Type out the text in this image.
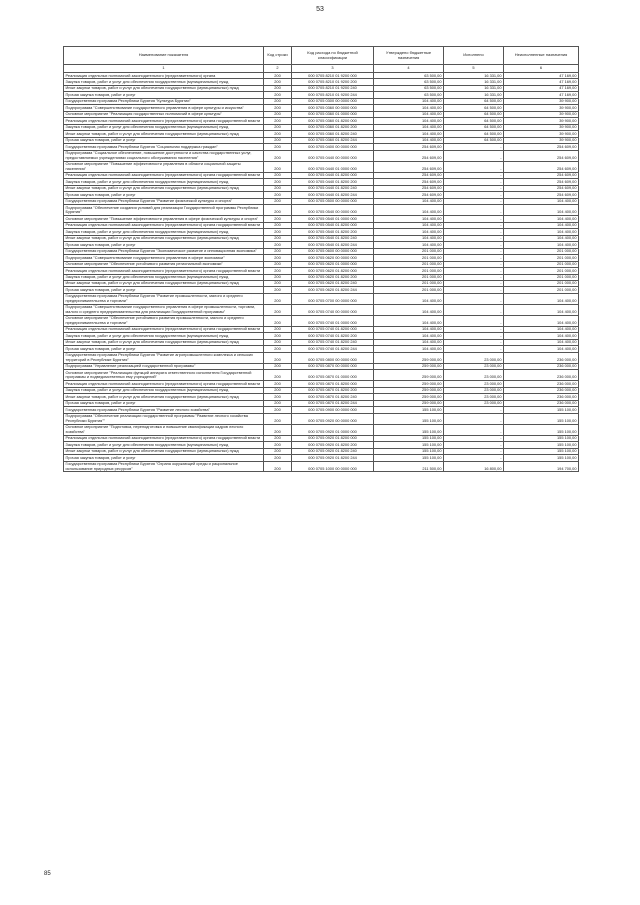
53
Наименование показателя	Код строки	Код расхода по бюджетной классификации	Утверждено бюджетные назначения	Исполнено	Неисполненные назначения
1	2	3	4	5	6
Реализация отдельных полномочий законодательного (представительного) органа	200	000 0705 8210 01 9200 000	63 500,00	16 331,00	47 169,00
Закупка товаров, работ и услуг для обеспечения государственных (муниципальных) нужд	200	000 0705 8210 01 9200 200	63 500,00	16 331,00	47 169,00
Иные закупки товаров, работ и услуг для обеспечения государственных (муниципальных) нужд	200	000 0705 8210 01 9200 240	63 500,00	16 331,00	47 169,00
Прочая закупка товаров, работ и услуг	200	000 0705 8210 01 9200 244	63 500,00	16 331,00	47 169,00
Государственная программа Республики Бурятия "Культура Бурятии"	200	000 0705 0300 00 0000 000	104 400,00	64 500,00	39 900,00
Подпрограмма "Совершенствование государственного управления в сфере культуры и искусства"	200	000 0705 0360 00 0000 000	104 400,00	64 500,00	39 900,00
Основное мероприятие "Реализация государственных полномочий в сфере культуры"	200	000 0705 0360 01 0000 000	104 400,00	64 500,00	39 900,00
Реализация отдельных полномочий законодательного (представительного) органа государственной власти	200	000 0705 0360 01 8200 000	104 400,00	64 500,00	39 900,00
Закупка товаров, работ и услуг для обеспечения государственных (муниципальных) нужд	200	000 0705 0360 01 8200 200	104 400,00	64 500,00	39 900,00
Иные закупки товаров, работ и услуг для обеспечения государственных (муниципальных) нужд	200	000 0705 0360 01 8200 240	104 400,00	64 500,00	39 900,00
Прочая закупка товаров, работ и услуг	200	000 0705 0360 01 8200 244	104 400,00	64 500,00	39 900,00
Государственная программа Республики Бурятия "Социальная поддержка граждан"	200	000 0705 0400 00 0000 000	254 609,00	-	254 609,00
Подпрограмма "Социальное обеспечение, повышение доступности и качества государственных услуг, предоставляемых учреждениями социального обслуживания населения"	200	000 0705 0440 00 0000 000	254 609,00	-	254 609,00
Основное мероприятие "Повышение эффективности управления в области социальной защиты населения"	200	000 0705 0440 01 0000 000	254 609,00	-	254 609,00
Реализация отдельных полномочий законодательного (представительного) органа государственной власти	200	000 0705 0440 01 8200 000	254 609,00	-	254 609,00
Закупка товаров, работ и услуг для обеспечения государственных (муниципальных) нужд	200	000 0705 0440 01 8200 200	254 609,00	-	254 609,00
Иные закупки товаров, работ и услуг для обеспечения государственных (муниципальных) нужд	200	000 0705 0440 01 8200 240	254 609,00	-	254 609,00
Прочая закупка товаров, работ и услуг	200	000 0705 0440 01 8200 244	254 609,00	-	254 609,00
Государственная программа Республики Бурятия "Развитие физической культуры и спорта"	200	000 0705 0500 00 0000 000	104 400,00	-	104 400,00
Подпрограмма "Обеспечение создания условий для реализации Государственной программы Республики Бурятия"	200	000 0705 0540 00 0000 000	104 400,00	-	104 400,00
Основное мероприятие "Повышение эффективности управления в сфере физической культуры и спорта"	200	000 0705 0540 01 0000 000	104 400,00	-	104 400,00
Реализация отдельных полномочий законодательного (представительного) органа государственной власти	200	000 0705 0540 01 8200 000	104 400,00	-	104 400,00
Закупка товаров, работ и услуг для обеспечения государственных (муниципальных) нужд	200	000 0705 0540 01 8200 200	104 400,00	-	104 400,00
Иные закупки товаров, работ и услуг для обеспечения государственных (муниципальных) нужд	200	000 0705 0540 01 8200 240	104 400,00	-	104 400,00
Прочая закупка товаров, работ и услуг	200	000 0705 0540 01 8200 244	104 400,00	-	104 400,00
Государственная программа Республики Бурятия "Экономическое развитие и инновационная экономика"	200	000 0705 0600 00 0000 000	201 000,00	-	201 000,00
Подпрограмма "Совершенствование государственного управления в сфере экономики"	200	000 0705 0620 00 0000 000	201 000,00	-	201 000,00
Основное мероприятие "Обеспечение устойчивого развития региональной экономики"	200	000 0705 0620 01 0000 000	201 000,00	-	201 000,00
Реализация отдельных полномочий законодательного (представительного) органа государственной власти	200	000 0705 0620 01 8200 000	201 000,00	-	201 000,00
Закупка товаров, работ и услуг для обеспечения государственных (муниципальных) нужд	200	000 0705 0620 01 8200 200	201 000,00	-	201 000,00
Иные закупки товаров, работ и услуг для обеспечения государственных (муниципальных) нужд	200	000 0705 0620 01 8200 240	201 000,00	-	201 000,00
Прочая закупка товаров, работ и услуг	200	000 0705 0620 01 8200 244	201 000,00	-	201 000,00
Государственная программа Республики Бурятия "Развитие промышленности, малого и среднего предпринимательства и торговли"	200	000 0705 0700 00 0000 000	104 400,00	-	104 400,00
Подпрограмма "Совершенствование государственного управления в сфере промышленности, торговли, малого и среднего предпринимательства для реализации Государственной программы"	200	000 0705 0740 00 0000 000	104 400,00	-	104 400,00
Основное мероприятие "Обеспечение устойчивого развития промышленности, малого и среднего предпринимательства и торговли"	200	000 0705 0740 01 0000 000	104 400,00	-	104 400,00
Реализация отдельных полномочий законодательного (представительного) органа государственной власти	200	000 0705 0740 01 8200 000	104 400,00	-	104 400,00
Закупка товаров, работ и услуг для обеспечения государственных (муниципальных) нужд	200	000 0705 0740 01 8200 200	104 400,00	-	104 400,00
Иные закупки товаров, работ и услуг для обеспечения государственных (муниципальных) нужд	200	000 0705 0740 01 8200 240	104 400,00	-	104 400,00
Прочая закупка товаров, работ и услуг	200	000 0705 0740 01 8200 244	104 400,00	-	104 400,00
Государственная программа Республики Бурятия "Развитие агропромышленного комплекса и сельских территорий в Республике Бурятия"	200	000 0705 0800 00 0000 000	259 000,00	23 000,00	236 000,00
Подпрограмма "Управление реализацией государственной программы"	200	000 0705 0870 00 0000 000	259 000,00	23 000,00	236 000,00
Основное мероприятие "Реализация функций аппарата ответственного исполнителя Государственной программы и подведомственных ему учреждений"	200	000 0705 0870 01 0000 000	259 000,00	23 000,00	236 000,00
Реализация отдельных полномочий законодательного (представительного) органа государственной власти	200	000 0705 0870 01 8200 000	259 000,00	23 000,00	236 000,00
Закупка товаров, работ и услуг для обеспечения государственных (муниципальных) нужд	200	000 0705 0870 01 8200 200	259 000,00	23 000,00	236 000,00
Иные закупки товаров, работ и услуг для обеспечения государственных (муниципальных) нужд	200	000 0705 0870 01 8200 240	259 000,00	23 000,00	236 000,00
Прочая закупка товаров, работ и услуг	200	000 0705 0870 01 8200 244	259 000,00	23 000,00	236 000,00
Государственная программа Республики Бурятия "Развитие лесного хозяйства"	200	000 0705 0900 00 0000 000	155 100,00	-	155 100,00
Подпрограмма "Обеспечение реализации государственной программы "Развитие лесного хозяйства Республики Бурятия""	200	000 0705 0920 00 0000 000	155 100,00	-	155 100,00
Основное мероприятие "Подготовка, переподготовка и повышение квалификации кадров лесного хозяйства"	200	000 0705 0920 01 0000 000	155 100,00	-	155 100,00
Реализация отдельных полномочий законодательного (представительного) органа государственной власти	200	000 0705 0920 01 8200 000	155 100,00	-	155 100,00
Закупка товаров, работ и услуг для обеспечения государственных (муниципальных) нужд	200	000 0705 0920 01 8200 200	155 100,00	-	155 100,00
Иные закупки товаров, работ и услуг для обеспечения государственных (муниципальных) нужд	200	000 0705 0920 01 8200 240	155 100,00	-	155 100,00
Прочая закупка товаров, работ и услуг	200	000 0705 0920 01 8200 244	155 100,00	-	155 100,00
Государственная программа Республики Бурятия "Охрана окружающей среды и рациональное использование природных ресурсов"	200	000 0705 1000 00 0000 000	211 500,00	16 800,00	194 700,00
85
